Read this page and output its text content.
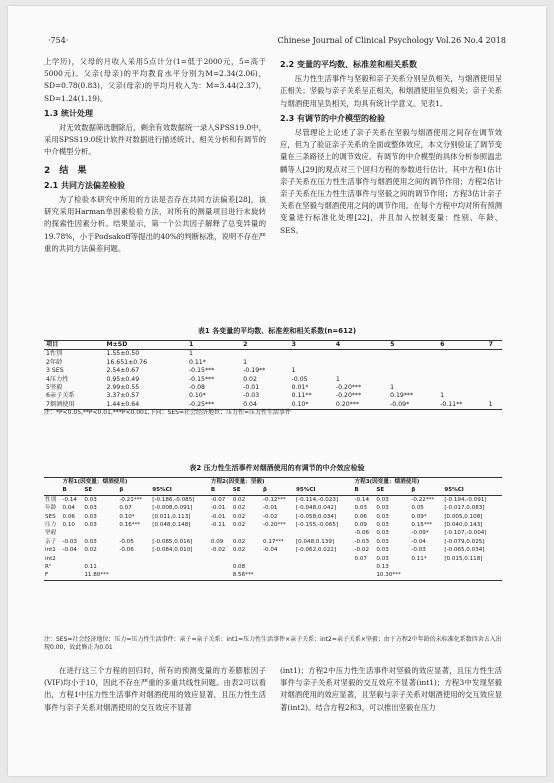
·754·	Chinese Journal of Clinical Psychology Vol.26 No.4 2018

上学历)，父母的月收入采用5点计分(1=低于2000元，5=高于5000元)。父亲(母亲)的平均教育水平分别为M=2.34(2.06)，SD=0.78(0.83)，父亲(母亲)的平均月收入为：M=3.44(2.37)，SD=1.24(1.19)。

1.3 统计处理

对无效数据筛选删除后，剩余有效数据统一录入SPSS19.0中，采用SPSS19.0统计软件对数据进行描述统计、相关分析和有调节的中介模型分析。

2 结 果
2.1 共同方法偏差检验

为了检验本研究中所用的方法是否存在共同方法偏差[28]，该研究采用Harman单因素检验方法，对所有的测量项目进行未旋转的探索性因素分析。结果显示，第一个公共因子解释了总变异量的19.78%，小于Podsakoff等提出的40%的判断标准，说明不存在严重的共同方法偏差问题。

2.2 变量的平均数、标准差和相关系数

压力性生活事件与坚毅和亲子关系分别呈负相关，与烟酒使用呈正相关；坚毅与亲子关系呈正相关，和烟酒使用呈负相关；亲子关系与烟酒使用呈负相关，均具有统计学意义。见表1。

2.3 有调节的中介模型的检验

尽管理论上论述了亲子关系在坚毅与烟酒使用之间存在调节效应，但为了验证亲子关系的全面或整体效应，本文分别验证了调节变量在三条路径上的调节效应。有调节的中介模型的具体分析参照温忠麟等人[29]的观点对三个回归方程的参数进行估计。其中方程1估计亲子关系在压力性生活事件与烟酒使用之间的调节作用；方程2估计亲子关系在压力性生活事件与坚毅之间的调节作用；方程3估计亲子关系在坚毅与烟酒使用之间的调节作用。在每个方程中均对所有预测变量进行标准化处理[22]，并且加入控制变量：性别、年龄、SES。

表1 各变量的平均数、标准差和相关系数(n=612)
项目	M±SD	1	2	3	4	5	6	7
1性别	1.55±0.50	1						
2年龄	16.651±0.76	0.11*	1					
3 SES	2.54±0.67	-0.15***	-0.19**	1				
4压力性	0.95±0.49	-0.15***	0.02	-0.05	1			
5坚毅	2.99±0.55	-0.08	-0.01	0.01*	-0.20***	1		
6亲子关系	3.37±0.57	0.10*	-0.03	0.11**	-0.20***	0.19***	1	
7烟酒使用	1.44±0.64	-0.25***	0.04	0.10*	0.20***	-0.09*	-0.11**	1
注：*P<0.05,**P<0.01,***P<0.001,下同；SES=社会经济地位；压力性=压力性生活事件
表2 压力性生活事件对烟酒使用的有调节的中介效应检验
	方程1(因变量：烟酒使用)				方程2(因变量：坚毅)				方程3(因变量：烟酒使用)			
	B	SE	β	95%CI	B	SE	β	95%CI	B	SE	β	95%CI
性别	-0.14	0.03	-0.21***	[-0.186,-0.085]	-0.07	0.02	-0.12***	[-0.114,-0.023]	-0.14	0.03	-0.22***	[-0.194,-0.091]
年龄	0.04	0.03	0.07	[-0.008,0.091]	-0.01	0.02	-0.01	[-0.048,0.042]	0.03	0.03	0.05	[-0.017,0.083]
SES	0.06	0.03	0.10*	[0.011,0.113]	-0.01	0.02	-0.02	[-0.058,0.034]	0.06	0.03	0.09*	[0.005,0.108]
压力	0.10	0.03	0.16***	[0.048,0.148]	-0.11	0.02	-0.20***	[-0.155,-0.065]	0.09	0.03	0.15***	[0.040,0.143]
坚毅									-0.06	0.03	-0.09*	[-0.107,-0.004]
亲子	-0.03	0.03	-0.05	[-0.085,0.016]	0.09	0.02	0.17***	[0.048,0.139]	-0.03	0.03	-0.04	[-0.079,0.025]
int1	-0.04	0.02	-0.06	[-0.084,0.010]	-0.02	0.02	-0.04	[-0.062,0.022]	-0.02	0.03	-0.03	[-0.065,0.034]
int2									0.07	0.03	0.11*	[0.015,0.118]
R²		0.11				0.08				0.13		
F		11.80***				8.56***				10.30***		
注：SES=社会经济地位；压力=压力性生活事件；亲子=亲子关系；int1=压力性生活事件×亲子关系；int2=亲子关系×坚毅；由于方程2中年龄的未标准化系数四舍五入出现0.00，故此修正为0.01

在进行这三个方程的回归时，所有的预测变量的方差膨胀因子(VIF)均小于10，因此不存在严重的多重共线性问题。由表2可以看出，方程1中压力性生活事件对烟酒使用的效应显著，且压力性生活事件与亲子关系对烟酒使用的交互效应不显著

(int1)；方程2中压力性生活事件对坚毅的效应显著，且压力性生活事件与亲子关系对坚毅的交互效应不显著(int1)；方程3中发现坚毅对烟酒使用的效应显著，且坚毅与亲子关系对烟酒使用的交互效应显著(int2)。结合方程2和3，可以推出坚毅在压力
